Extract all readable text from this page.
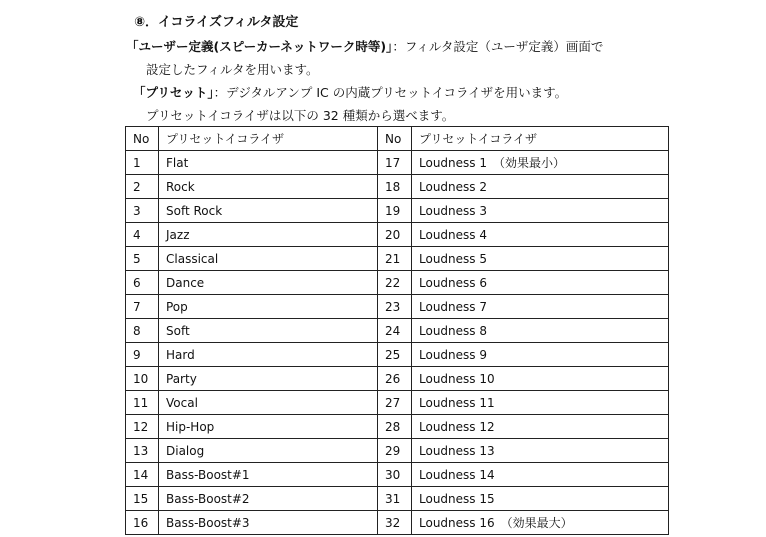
⑧．イコライズフィルタ設定
「ユーザー定義(スピーカーネットワーク時等)」：フィルタ設定（ユーザ定義）画面で
設定したフィルタを用います。
「プリセット」：デジタルアンプ IC の内蔵プリセットイコライザを用います。
プリセットイコライザは以下の 32 種類から選べます。
No	プリセットイコライザ	No	プリセットイコライザ
1	Flat	17	Loudness 1　（効果最小）
2	Rock	18	Loudness 2
3	Soft Rock	19	Loudness 3
4	Jazz	20	Loudness 4
5	Classical	21	Loudness 5
6	Dance	22	Loudness 6
7	Pop	23	Loudness 7
8	Soft	24	Loudness 8
9	Hard	25	Loudness 9
10	Party	26	Loudness 10
11	Vocal	27	Loudness 11
12	Hip-Hop	28	Loudness 12
13	Dialog	29	Loudness 13
14	Bass-Boost#1	30	Loudness 14
15	Bass-Boost#2	31	Loudness 15
16	Bass-Boost#3	32	Loudness 16　（効果最大）
